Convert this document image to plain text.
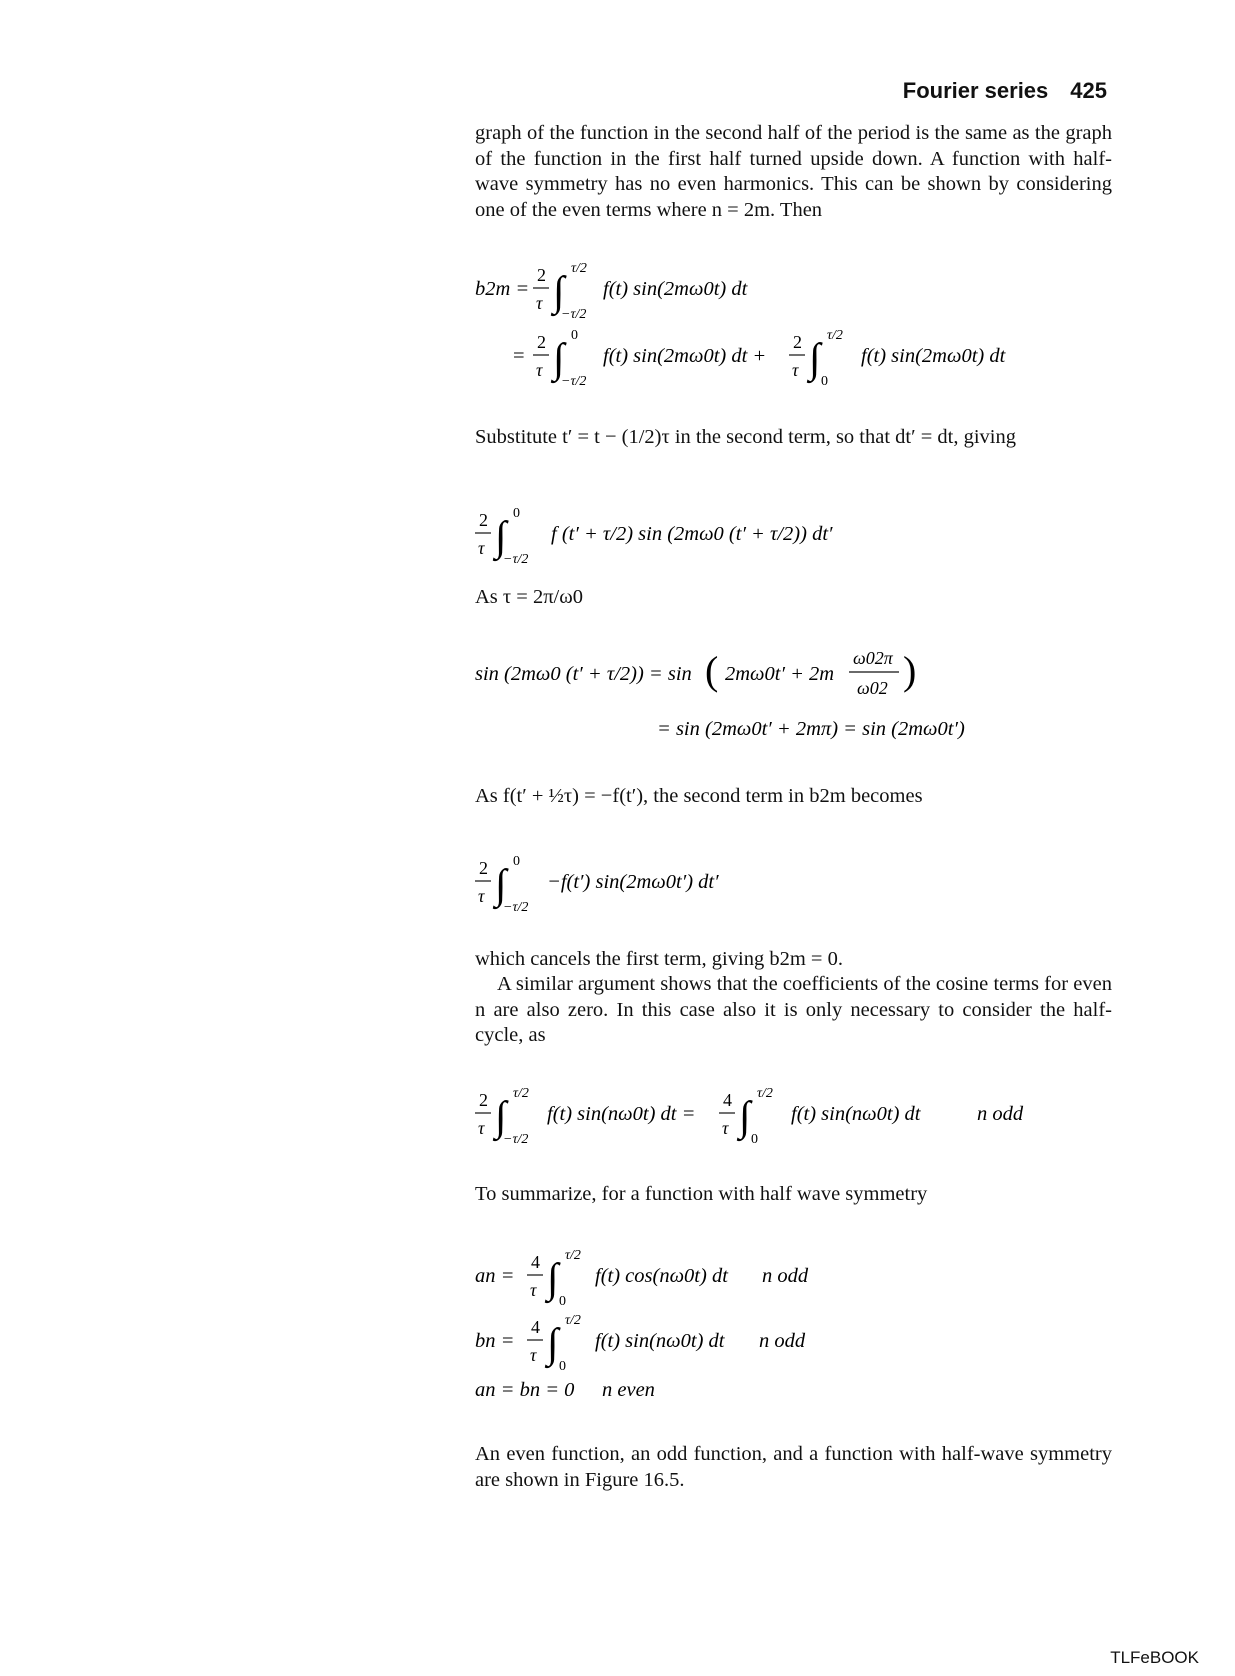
Fourier series 425
graph of the function in the second half of the period is the same as the graph of the function in the first half turned upside down. A function with half-wave symmetry has no even harmonics. This can be shown by considering one of the even terms where n = 2m. Then
b2m =
2
τ ∫
τ/2
−τ/2
f(t) sin(2mω0t) dt
=
2
τ ∫
0
−τ/2
f(t) sin(2mω0t) dt +
2
τ ∫
τ/2
0
f(t) sin(2mω0t) dt
Substitute t′ = t − (1/2)τ in the second term, so that dt′ = dt, giving
2
τ ∫
0
−τ/2
f (t′ + τ/2) sin (2mω0 (t′ + τ/2)) dt′
As τ = 2π/ω0
sin (2mω0 (t′ + τ/2)) = sin ( 2mω0t′ + 2m
ω02π
ω02 )
= sin (2mω0t′ + 2mπ) = sin (2mω0t′)
As f(t′ + ½τ) = −f(t′), the second term in b2m becomes
2
τ ∫
0
−τ/2
−f(t′) sin(2mω0t′) dt′
which cancels the first term, giving b2m = 0.
A similar argument shows that the coefficients of the cosine terms for even n are also zero. In this case also it is only necessary to consider the half-cycle, as
2
τ ∫
τ/2
−τ/2
f(t) sin(nω0t) dt =
4
τ ∫
τ/2
0
f(t) sin(nω0t) dt	n odd
To summarize, for a function with half wave symmetry
an =
4
τ ∫
τ/2
0
f(t) cos(nω0t) dt n odd
bn =
4
τ ∫
τ/2
0
f(t) sin(nω0t) dt n odd
an = bn = 0 n even
An even function, an odd function, and a function with half-wave symmetry are shown in Figure 16.5.
TLFeBOOK
